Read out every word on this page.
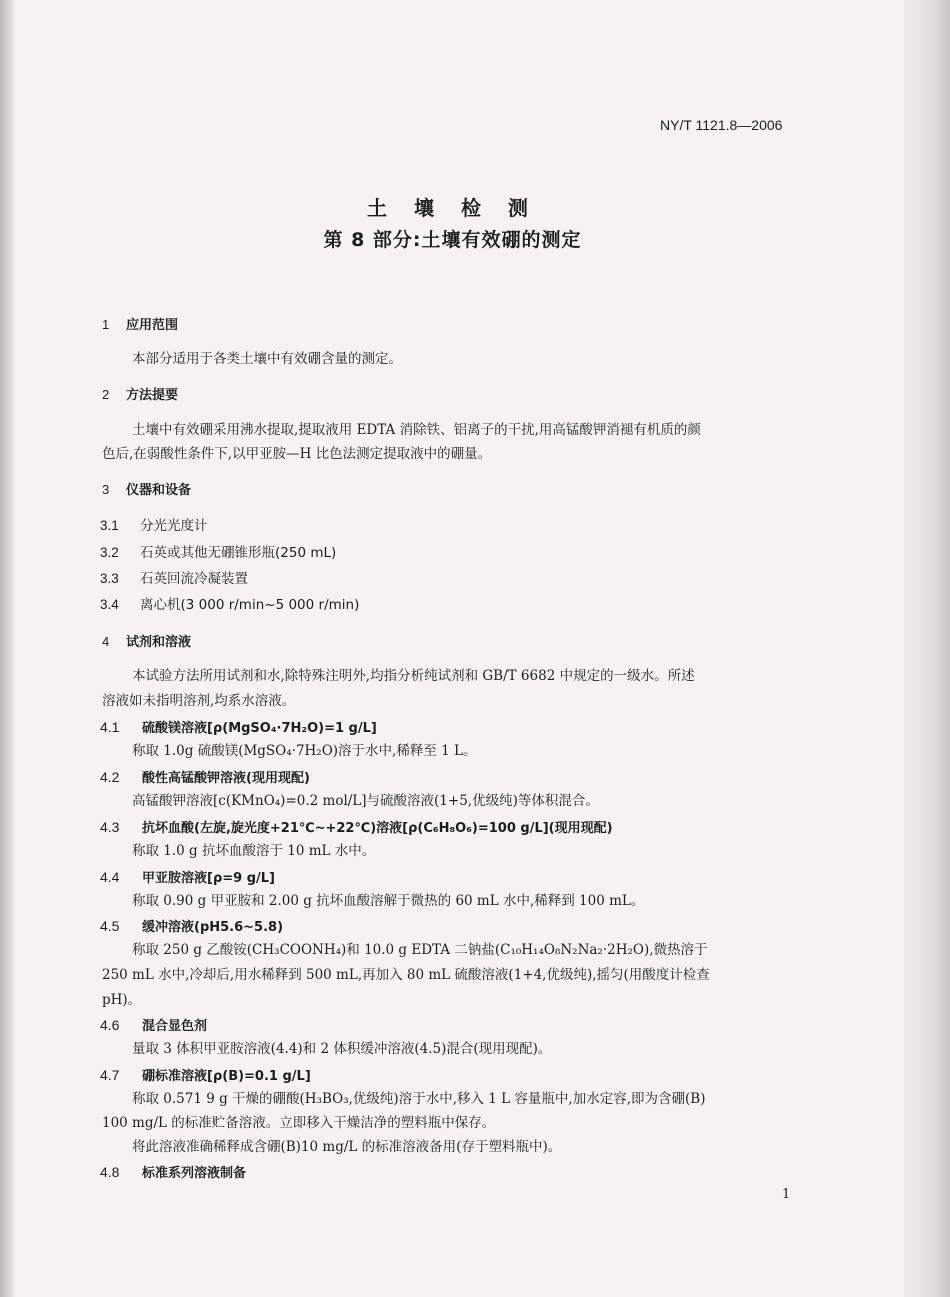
NY/T 1121.8—2006
土 壤 检 测
第 8 部分:土壤有效硼的测定
1 应用范围
本部分适用于各类土壤中有效硼含量的测定。
2 方法提要
土壤中有效硼采用沸水提取,提取液用 EDTA 消除铁、铝离子的干扰,用高锰酸钾消褪有机质的颜
色后,在弱酸性条件下,以甲亚胺—H 比色法测定提取液中的硼量。
3 仪器和设备
3.1 分光光度计
3.2 石英或其他无硼锥形瓶(250 mL)
3.3 石英回流冷凝装置
3.4 离心机(3 000 r/min~5 000 r/min)
4 试剂和溶液
本试验方法所用试剂和水,除特殊注明外,均指分析纯试剂和 GB/T 6682 中规定的一级水。所述
溶液如未指明溶剂,均系水溶液。
4.1 硫酸镁溶液[ρ(MgSO₄·7H₂O)=1 g/L]
称取 1.0g 硫酸镁(MgSO₄·7H₂O)溶于水中,稀释至 1 L。
4.2 酸性高锰酸钾溶液(现用现配)
高锰酸钾溶液[c(KMnO₄)=0.2 mol/L]与硫酸溶液(1+5,优级纯)等体积混合。
4.3 抗坏血酸(左旋,旋光度+21℃~+22℃)溶液[ρ(C₆H₈O₆)=100 g/L](现用现配)
称取 1.0 g 抗坏血酸溶于 10 mL 水中。
4.4 甲亚胺溶液[ρ=9 g/L]
称取 0.90 g 甲亚胺和 2.00 g 抗坏血酸溶解于微热的 60 mL 水中,稀释到 100 mL。
4.5 缓冲溶液(pH5.6~5.8)
称取 250 g 乙酸铵(CH₃COONH₄)和 10.0 g EDTA 二钠盐(C₁₀H₁₄O₈N₂Na₂·2H₂O),微热溶于
250 mL 水中,冷却后,用水稀释到 500 mL,再加入 80 mL 硫酸溶液(1+4,优级纯),摇匀(用酸度计检查
pH)。
4.6 混合显色剂
量取 3 体积甲亚胺溶液(4.4)和 2 体积缓冲溶液(4.5)混合(现用现配)。
4.7 硼标准溶液[ρ(B)=0.1 g/L]
称取 0.571 9 g 干燥的硼酸(H₃BO₃,优级纯)溶于水中,移入 1 L 容量瓶中,加水定容,即为含硼(B)
100 mg/L 的标准贮备溶液。立即移入干燥洁净的塑料瓶中保存。
将此溶液准确稀释成含硼(B)10 mg/L 的标准溶液备用(存于塑料瓶中)。
4.8 标准系列溶液制备
1
